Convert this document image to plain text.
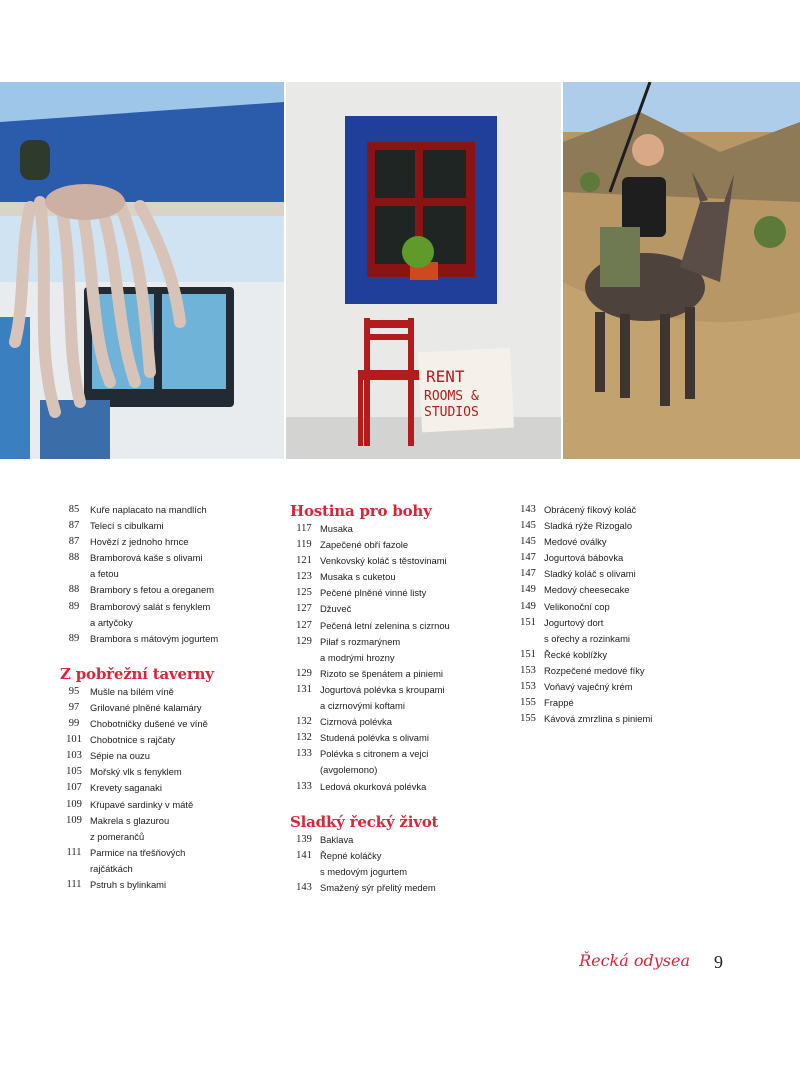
RENT
ROOMS &
STUDIOS
85	Kuře naplacato na mandlích
87	Telecí s cibulkami
87	Hovězí z jednoho hrnce
88	Bramborová kaše s olivami
a fetou
88	Brambory s fetou a oreganem
89	Bramborový salát s fenyklem
a artyčoky
89	Brambora s mátovým jogurtem
Z pobřežní taverny
95	Mušle na bílém víně
97	Grilované plněné kalamáry
99	Chobotničky dušené ve víně
101 Chobotnice s rajčaty
103 Sépie na ouzu
105 Mořský vlk s fenyklem
107 Krevety saganaki
109 Křupavé sardinky v mátě
109 Makrela s glazurou
z pomerančů
111 Parmice na třešňových
rajčátkách
111 Pstruh s bylinkami
Hostina pro bohy
117 Musaka
119 Zapečené obří fazole
121 Venkovský koláč s těstovinami
123 Musaka s cuketou
125 Pečené plněné vinné listy
127 Džuveč
127 Pečená letní zelenina s cizrnou
129 Pilaf s rozmarýnem
a modrými hrozny
129 Rizoto se špenátem a piniemi
131 Jogurtová polévka s kroupami
a cizrnovými koftami
132 Cizrnová polévka
132 Studená polévka s olivami
133 Polévka s citronem a vejci
(avgolemono)
133 Ledová okurková polévka
Sladký řecký život
139 Baklava
141 Řepné koláčky
s medovým jogurtem
143 Smažený sýr přelitý medem
143 Obrácený fíkový koláč
145 Sladká rýže Rizogalo
145 Medové oválky
147 Jogurtová bábovka
147 Sladký koláč s olivami
149 Medový cheesecake
149 Velikonoční cop
151 Jogurtový dort
s ořechy a rozinkami
151 Řecké koblížky
153 Rozpečené medové fíky
153 Voňavý vaječný krém
155 Frappé
155 Kávová zmrzlina s piniemi
Řecká odysea 9
